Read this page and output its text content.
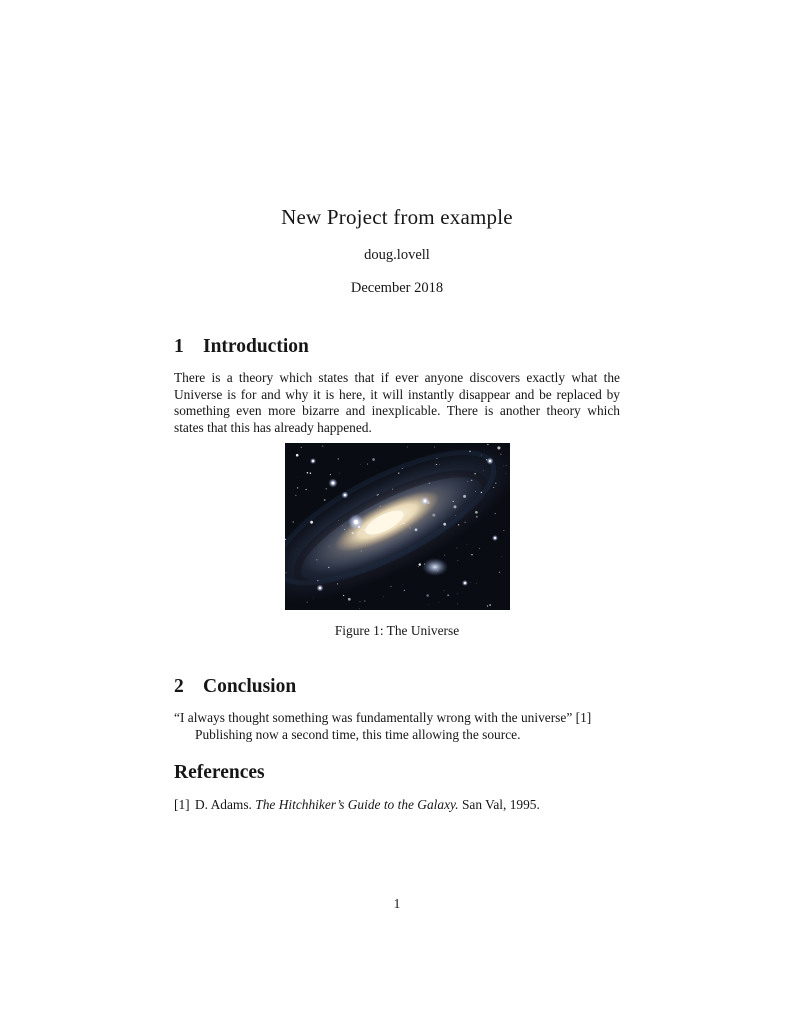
New Project from example
doug.lovell
December 2018
1 Introduction

There is a theory which states that if ever anyone discovers exactly what the Universe is for and why it is here, it will instantly disappear and be replaced by something even more bizarre and inexplicable. There is another theory which states that this has already happened.

Figure 1: The Universe
2 Conclusion

“I always thought something was fundamentally wrong with the universe” [1]

Publishing now a second time, this time allowing the source.

References
[1] D. Adams. The Hitchhiker’s Guide to the Galaxy. San Val, 1995.
1
